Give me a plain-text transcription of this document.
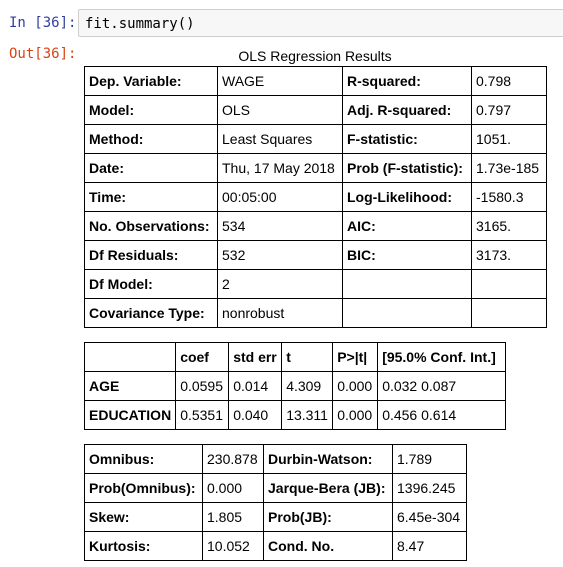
In [36]: fit.summary()
Out[36]:	OLS Regression Results
Dep. Variable:	WAGE	R-squared:	0.798
Model:	OLS	Adj. R-squared:	0.797
Method:	Least Squares	F-statistic:	1051.
Date:	Thu, 17 May 2018	Prob (F-statistic):	1.73e-185
Time:	00:05:00	Log-Likelihood:	-1580.3
No. Observations:	534	AIC:	3165.
Df Residuals:	532	BIC:	3173.
Df Model:	2		
Covariance Type:	nonrobust		
	coef	std err	t	P>|t|	[95.0% Conf. Int.]
AGE	0.0595	0.014	4.309	0.000	0.032 0.087
EDUCATION	0.5351	0.040	13.311	0.000	0.456 0.614
Omnibus:	230.878	Durbin-Watson:	1.789
Prob(Omnibus):	0.000	Jarque-Bera (JB):	1396.245
Skew:	1.805	Prob(JB):	6.45e-304
Kurtosis:	10.052	Cond. No.	8.47
